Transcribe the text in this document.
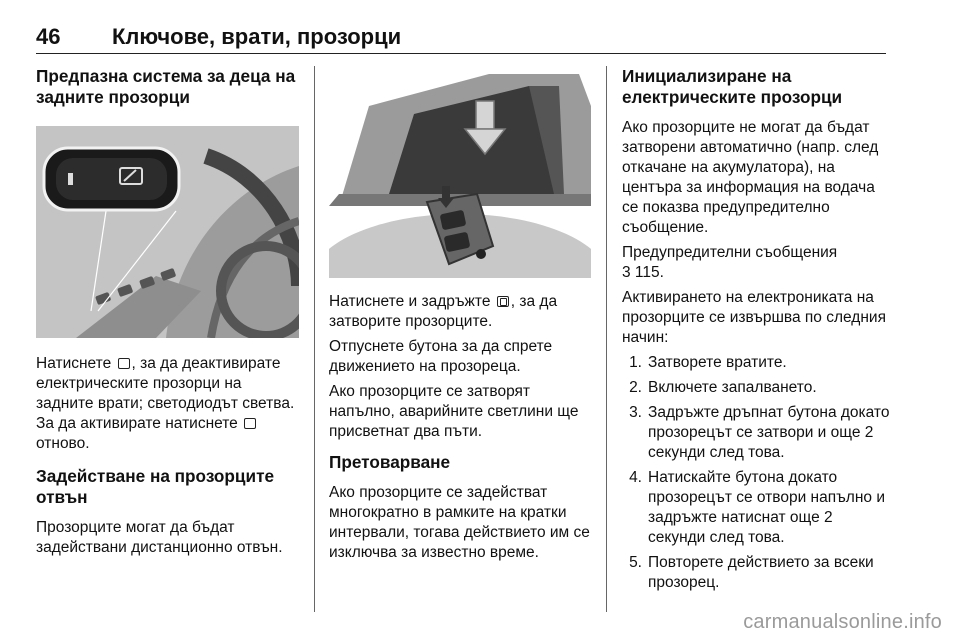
46 Ключове, врати, прозорци
Предпазна система за деца на задните прозорци

Натиснете , за да деактивирате електрическите прозорци на задните врати; светодиодът светва. За да активирате натиснете  отново.

Задействане на прозорците отвън

Прозорците могат да бъдат задействани дистанционно отвън.

Натиснете и задръжте , за да затворите прозорците.

Отпуснете бутона за да спрете движението на прозореца.

Ако прозорците се затворят напълно, аварийните светлини ще присветнат два пъти.

Претоварване

Ако прозорците се задействат многократно в рамките на кратки интервали, тогава действието им се изключва за известно време.

Инициализиране на електрическите прозорци

Ако прозорците не могат да бъдат затворени автоматично (напр. след откачане на акумулатора), на центъра за информация на водача се показва предупредително съобщение.

Предупредителни съобщения
3 115.

Активирането на електрониката на прозорците се извършва по следния начин:

1. Затворете вратите.
2. Включете запалването.
3. Задръжте дръпнат бутона докато прозорецът се затвори и още 2 секунди след това.
4. Натискайте бутона докато прозорецът се отвори напълно и задръжте натиснат още 2 секунди след това.
5. Повторете действието за всеки прозорец.
carmanualsonline.info
